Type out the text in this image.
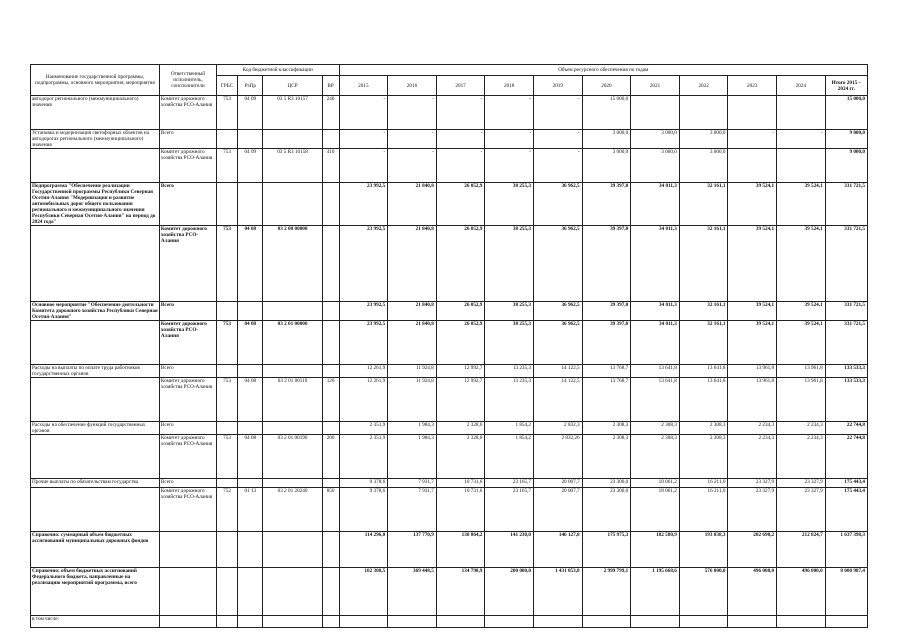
Наименование государственной программы, подпрограммы, основного мероприятия, мероприятия	Ответственный исполнитель, соисполнители	Код бюджетной классификации				Объем ресурсного обеспечения по годам										
		ГРБС	РзПр	ЦСР	ВР	2015	2016	2017	2018	2019	2020	2021	2022	2023	2024	Итого 2015 – 2024 гг.
автодорог регионального (межмуниципального) значения	Комитет дорожного хозяйства РСО-Алания	753	04 09	03 5 R3 10157	240	-	-	-	-	-	15 000,0					15 000,0
Установка и модернизация светофорных объектов на автодорогах регионального (межмуниципального) значения	Всего					-	-	-	-	-	3 000,0	3 000,0	3 000,0	-	-	9 000,0
	Комитет дорожного хозяйства РСО-Алания	753	04 09	03 5 R3 10158	410	-	-	-	-	-	3 000,0	3 000,0	3 000,0			9 000,0
Подпрограмма "Обеспечение реализации Государственной программы Республики Северная Осетия-Алания "Модернизация и развитие автомобильных дорог общего пользования регионального и межмуниципального значения Республики Северная Осетия-Алания" на период до 2024 года"	Всего					23 992,5	21 840,8	26 052,9	38 255,3	36 962,5	39 397,0	34 011,3	32 161,1	39 524,1	39 524,1	331 721,5
	Комитет дорожного хозяйства РСО-Алания	753	04 08	03 2 00 00000		23 992,5	21 840,8	26 052,9	38 255,3	36 962,5	39 397,0	34 011,3	32 161,1	39 524,1	39 524,1	331 721,5
Основное мероприятие "Обеспечение деятельности Комитета дорожного хозяйства Республики Северная Осетия-Алания"	Всего					23 992,5	21 840,8	26 052,9	38 255,3	36 962,5	39 397,0	34 011,3	32 161,1	39 524,1	39 524,1	331 721,5
	Комитет дорожного хозяйства РСО-Алания	753	04 08	03 2 01 00000		23 992,5	21 840,8	26 052,9	38 255,3	36 962,5	39 397,0	34 011,3	32 161,1	39 524,1	39 524,1	331 721,5
Расходы на выплаты по оплате труда работников государственных органов	Всего					12 261,9	11 924,8	12 992,7	13 235,3	14 122,5	13 768,7	13 641,8	13 641,8	13 961,8	13 961,8	133 533,3
	Комитет дорожного хозяйства РСО-Алания	753	04 08	03 2 01 00110	120	12 261,9	11 924,8	12 992,7	13 235,3	14 122,5	13 768,7	13 641,8	13 641,8	13 961,8	13 961,8	133 533,3
Расходы на обеспечение функций государственных органов	Всего					2 351,9	1 984,3	2 328,6	1 854,2	2 832,3	2 308,3	2 308,3	2 308,3	2 234,3	2 234,3	22 744,8
	Комитет дорожного хозяйства РСО-Алания	753	04 08	03 2 01 00190	200	2 351,9	1 984,3	2 328,6	1 854,2	2 832,26	2 308,3	2 308,3	2 308,3	2 234,3	2 234,3	22 744,8
Прочие выплаты по обязательствам государства	Всего					9 378,6	7 931,7	10 731,6	23 165,7	20 007,7	23 300,0	18 061,2	16 211,0	23 327,9	23 327,9	175 443,4
	Комитет дорожного хозяйства РСО-Алания	752	01 13	03 2 01 20240	850	9 378,6	7 931,7	10 731,6	23 165,7	20 007,7	23 300,0	18 061,2	16 211,0	23 327,9	23 327,9	175 443,4
Справочно: суммарный объем бюджетных ассигнований муниципальных дорожных фондов						114 296,0	137 770,9	130 864,2	141 230,0	146 127,8	175 975,3	182 580,9	193 038,3	202 690,2	212 824,7	1 637 398,3
Справочно: объем бюджетных ассигнований Федерального бюджета, направленные на реализацию мероприятий программы, всего						102 308,5	369 448,5	134 798,9	200 000,0	1 431 053,8	2 999 799,1	1 195 668,6	576 000,0	496 000,0	496 000,0	8 000 987,4
в том числе:																
